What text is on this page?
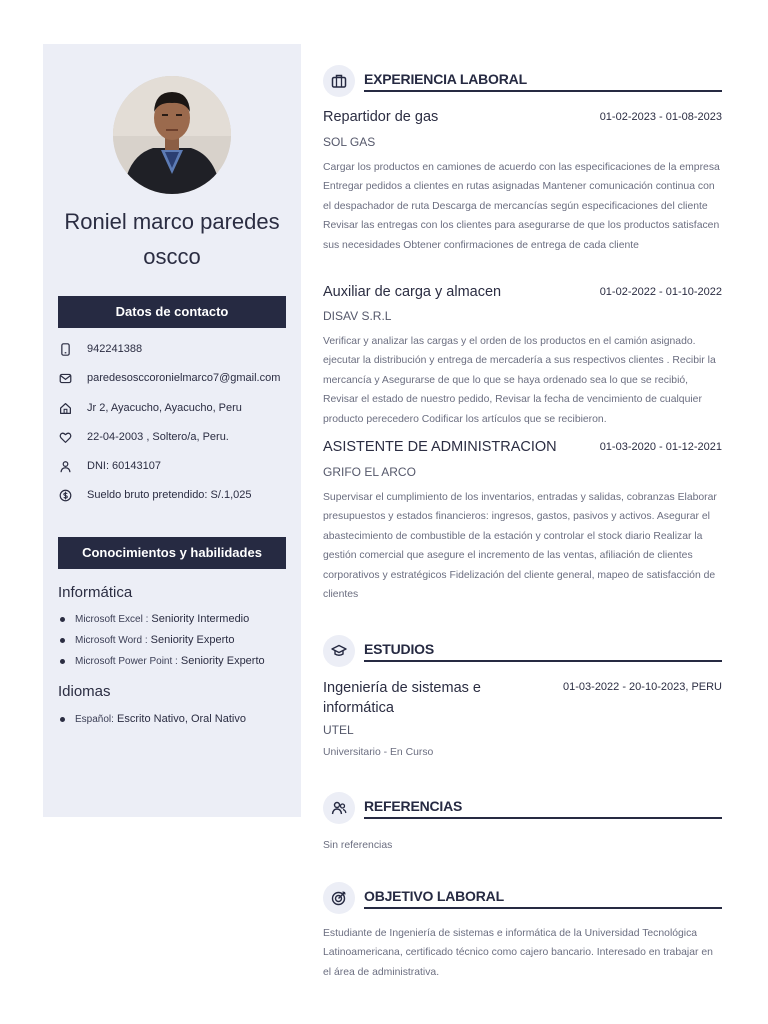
Roniel marco paredes oscco
Datos de contacto
942241388
paredesosccoronielmarco7@gmail.com
Jr 2, Ayacucho, Ayacucho, Peru
22-04-2003 , Soltero/a, Peru.
DNI: 60143107
Sueldo bruto pretendido: S/.1,025
Conocimientos y habilidades
Informática
Microsoft Excel :
Seniority Intermedio
Microsoft Word :
Seniority Experto
Microsoft Power Point :
Seniority Experto
Idiomas
Español:
Escrito Nativo, Oral Nativo
EXPERIENCIA LABORAL
Repartidor de gas	01-02-2023 - 01-08-2023
SOL GAS
Cargar los productos en camiones de acuerdo con las especificaciones de la empresa Entregar pedidos a clientes en rutas asignadas Mantener comunicación continua con el despachador de ruta Descarga de mercancías según especificaciones del cliente Revisar las entregas con los clientes para asegurarse de que los productos satisfacen sus necesidades Obtener confirmaciones de entrega de cada cliente
Auxiliar de carga y almacen	01-02-2022 - 01-10-2022
DISAV S.R.L
Verificar y analizar las cargas y el orden de los productos en el camión asignado. ejecutar la distribución y entrega de mercadería a sus respectivos clientes . Recibir la mercancía y Asegurarse de que lo que se haya ordenado sea lo que se recibió, Revisar el estado de nuestro pedido, Revisar la fecha de vencimiento de cualquier producto perecedero Codificar los artículos que se recibieron.
ASISTENTE DE ADMINISTRACION	01-03-2020 - 01-12-2021
GRIFO EL ARCO
Supervisar el cumplimiento de los inventarios, entradas y salidas, cobranzas Elaborar presupuestos y estados financieros: ingresos, gastos, pasivos y activos. Asegurar el abastecimiento de combustible de la estación y controlar el stock diario Realizar la gestión comercial que asegure el incremento de las ventas, afiliación de clientes corporativos y estratégicos Fidelización del cliente general, mapeo de satisfacción de clientes
ESTUDIOS
Ingeniería de sistemas e informática
01-03-2022 - 20-10-2023, PERU
UTEL
Universitario - En Curso
REFERENCIAS
Sin referencias
OBJETIVO LABORAL
Estudiante de Ingeniería de sistemas e informática de la Universidad Tecnológica Latinoamericana, certificado técnico como cajero bancario. Interesado en trabajar en el área de administrativa.
